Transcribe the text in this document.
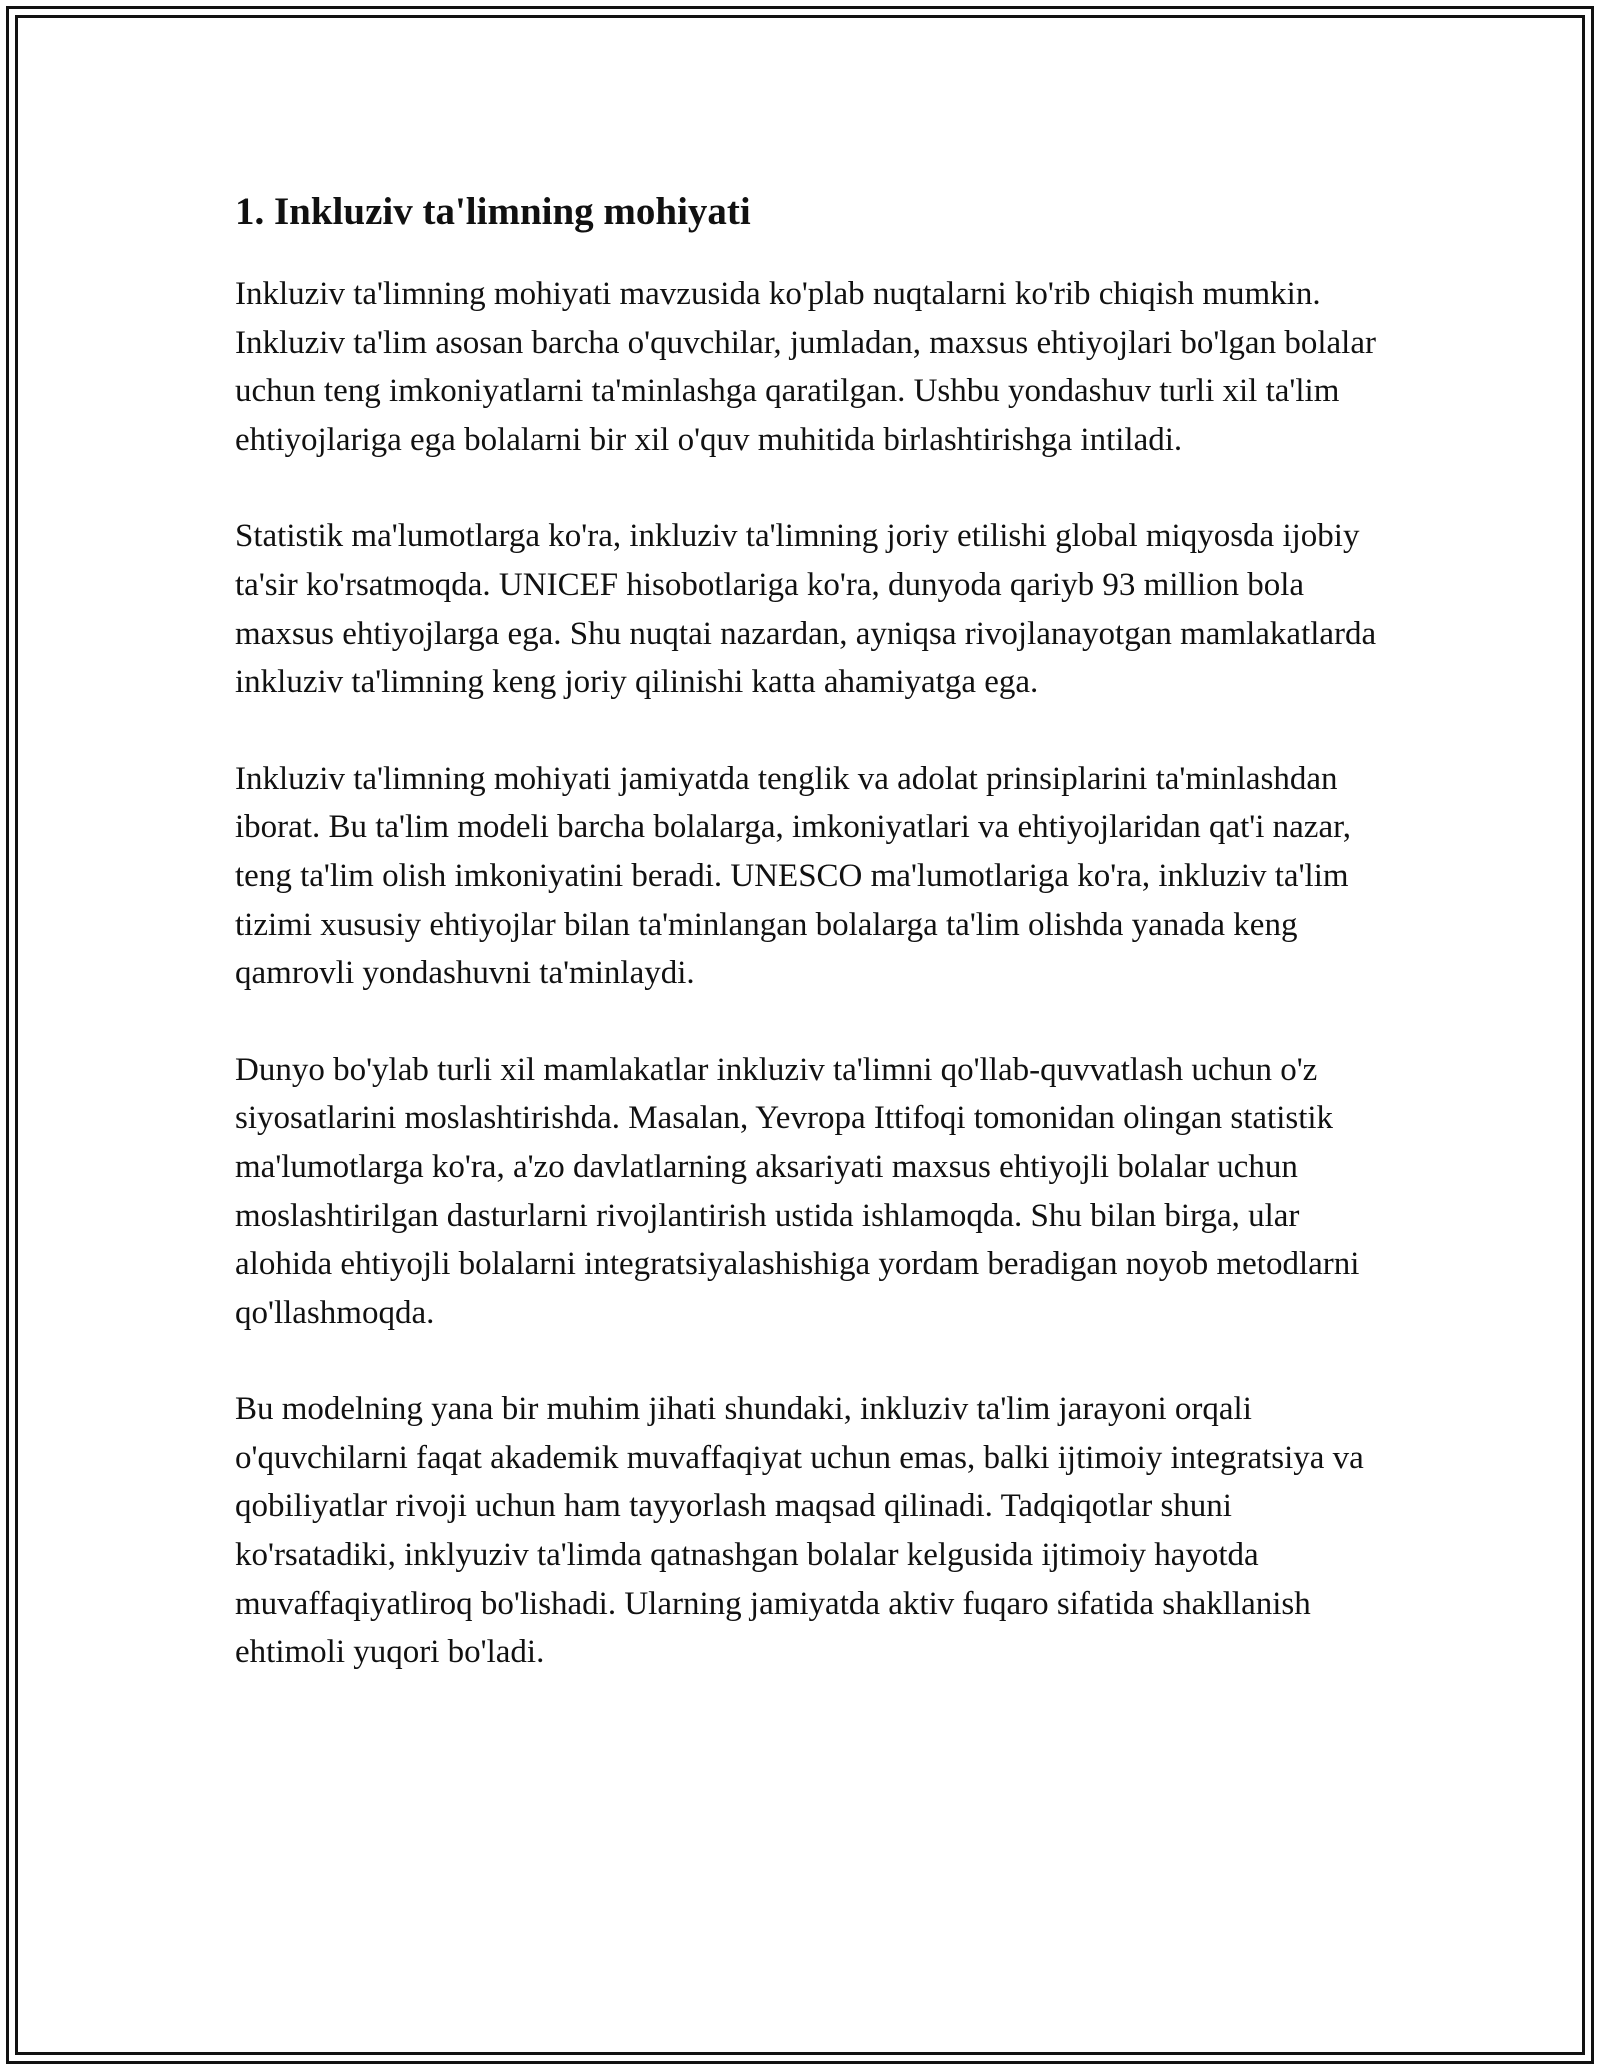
1. Inkluziv ta'limning mohiyati

Inkluziv ta'limning mohiyati mavzusida ko'plab nuqtalarni ko'rib chiqish mumkin. Inkluziv ta'lim asosan barcha o'quvchilar, jumladan, maxsus ehtiyojlari bo'lgan bolalar uchun teng imkoniyatlarni ta'minlashga qaratilgan. Ushbu yondashuv turli xil ta'lim ehtiyojlariga ega bolalarni bir xil o'quv muhitida birlashtirishga intiladi.

Statistik ma'lumotlarga ko'ra, inkluziv ta'limning joriy etilishi global miqyosda ijobiy ta'sir ko'rsatmoqda. UNICEF hisobotlariga ko'ra, dunyoda qariyb 93 million bola maxsus ehtiyojlarga ega. Shu nuqtai nazardan, ayniqsa rivojlanayotgan mamlakatlarda inkluziv ta'limning keng joriy qilinishi katta ahamiyatga ega.

Inkluziv ta'limning mohiyati jamiyatda tenglik va adolat prinsiplarini ta'minlashdan iborat. Bu ta'lim modeli barcha bolalarga, imkoniyatlari va ehtiyojlaridan qat'i nazar, teng ta'lim olish imkoniyatini beradi. UNESCO ma'lumotlariga ko'ra, inkluziv ta'lim tizimi xususiy ehtiyojlar bilan ta'minlangan bolalarga ta'lim olishda yanada keng qamrovli yondashuvni ta'minlaydi.

Dunyo bo'ylab turli xil mamlakatlar inkluziv ta'limni qo'llab-quvvatlash uchun o'z siyosatlarini moslashtirishda. Masalan, Yevropa Ittifoqi tomonidan olingan statistik ma'lumotlarga ko'ra, a'zo davlatlarning aksariyati maxsus ehtiyojli bolalar uchun moslashtirilgan dasturlarni rivojlantirish ustida ishlamoqda. Shu bilan birga, ular alohida ehtiyojli bolalarni integratsiyalashishiga yordam beradigan noyob metodlarni qo'llashmoqda.

Bu modelning yana bir muhim jihati shundaki, inkluziv ta'lim jarayoni orqali o'quvchilarni faqat akademik muvaffaqiyat uchun emas, balki ijtimoiy integratsiya va qobiliyatlar rivoji uchun ham tayyorlash maqsad qilinadi. Tadqiqotlar shuni ko'rsatadiki, inklyuziv ta'limda qatnashgan bolalar kelgusida ijtimoiy hayotda muvaffaqiyatliroq bo'lishadi. Ularning jamiyatda aktiv fuqaro sifatida shakllanish ehtimoli yuqori bo'ladi.
